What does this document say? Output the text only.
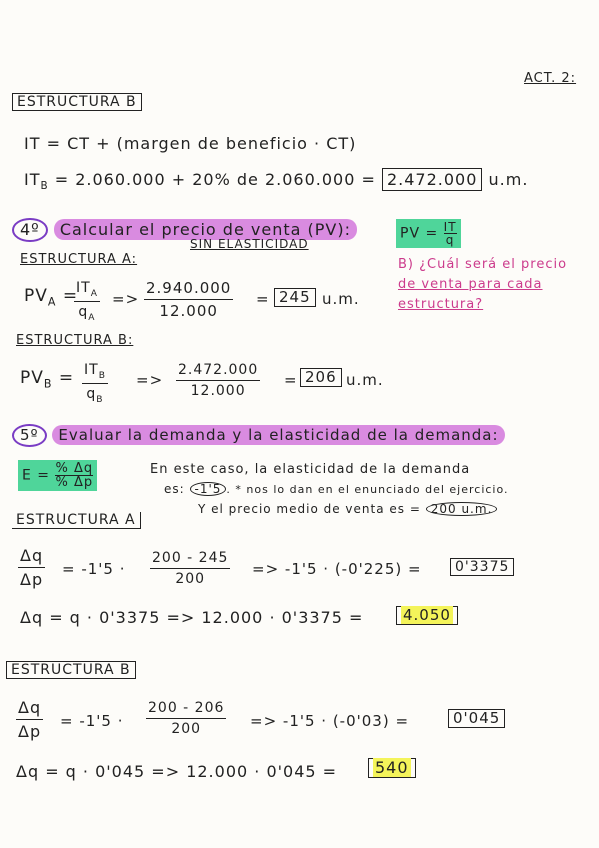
ACT. 2:
ESTRUCTURA B
IT = CT + (margen de beneficio · CT)
$IT_B = 2.060.000 + 20\%$ de 2.060.000 = 2.472.000 u.m.
4º Calcular el precio de venta (PV):
SIN ELASTICIDAD
PV = $\frac{IT}{q}$
B) ¿Cuál será el precio
de venta para cada
estructura?
ESTRUCTURA A:
$PV_A$ =
$IT_A$
$q_A$
=> $\frac{2.940.000}{12.000} = 245$ u.m.
ESTRUCTURA B:
$PV_B = IT_B$
$q_B$
=> $\frac{2.472.000}{12.000} = 206$ u.m.
5º Evaluar la demanda y la elasticidad de la demanda:
$E = \frac{\% \Delta q}{\% \Delta p}$	En este caso, la elasticidad de la demanda
es: -1'5 . * nos lo dan en el enunciado del ejercicio.
Y el precio medio de venta es = 200 u.m.
ESTRUCTURA A
$\frac{\Delta q}{\Delta p} = -1'5 \cdot \frac{200 - 245}{200} => -1'5 \cdot (-0'225)$ =	0'3375
Δq = q · 0'3375 => 12.000 · 0'3375 =	4.050
ESTRUCTURA B
$\frac{\Delta q}{\Delta p} = -1'5 \cdot \frac{200 - 206}{200} => -1'5 \cdot (-0'03)$ =	0'045
Δq = q · 0'045 => 12.000 · 0'045 =	540
